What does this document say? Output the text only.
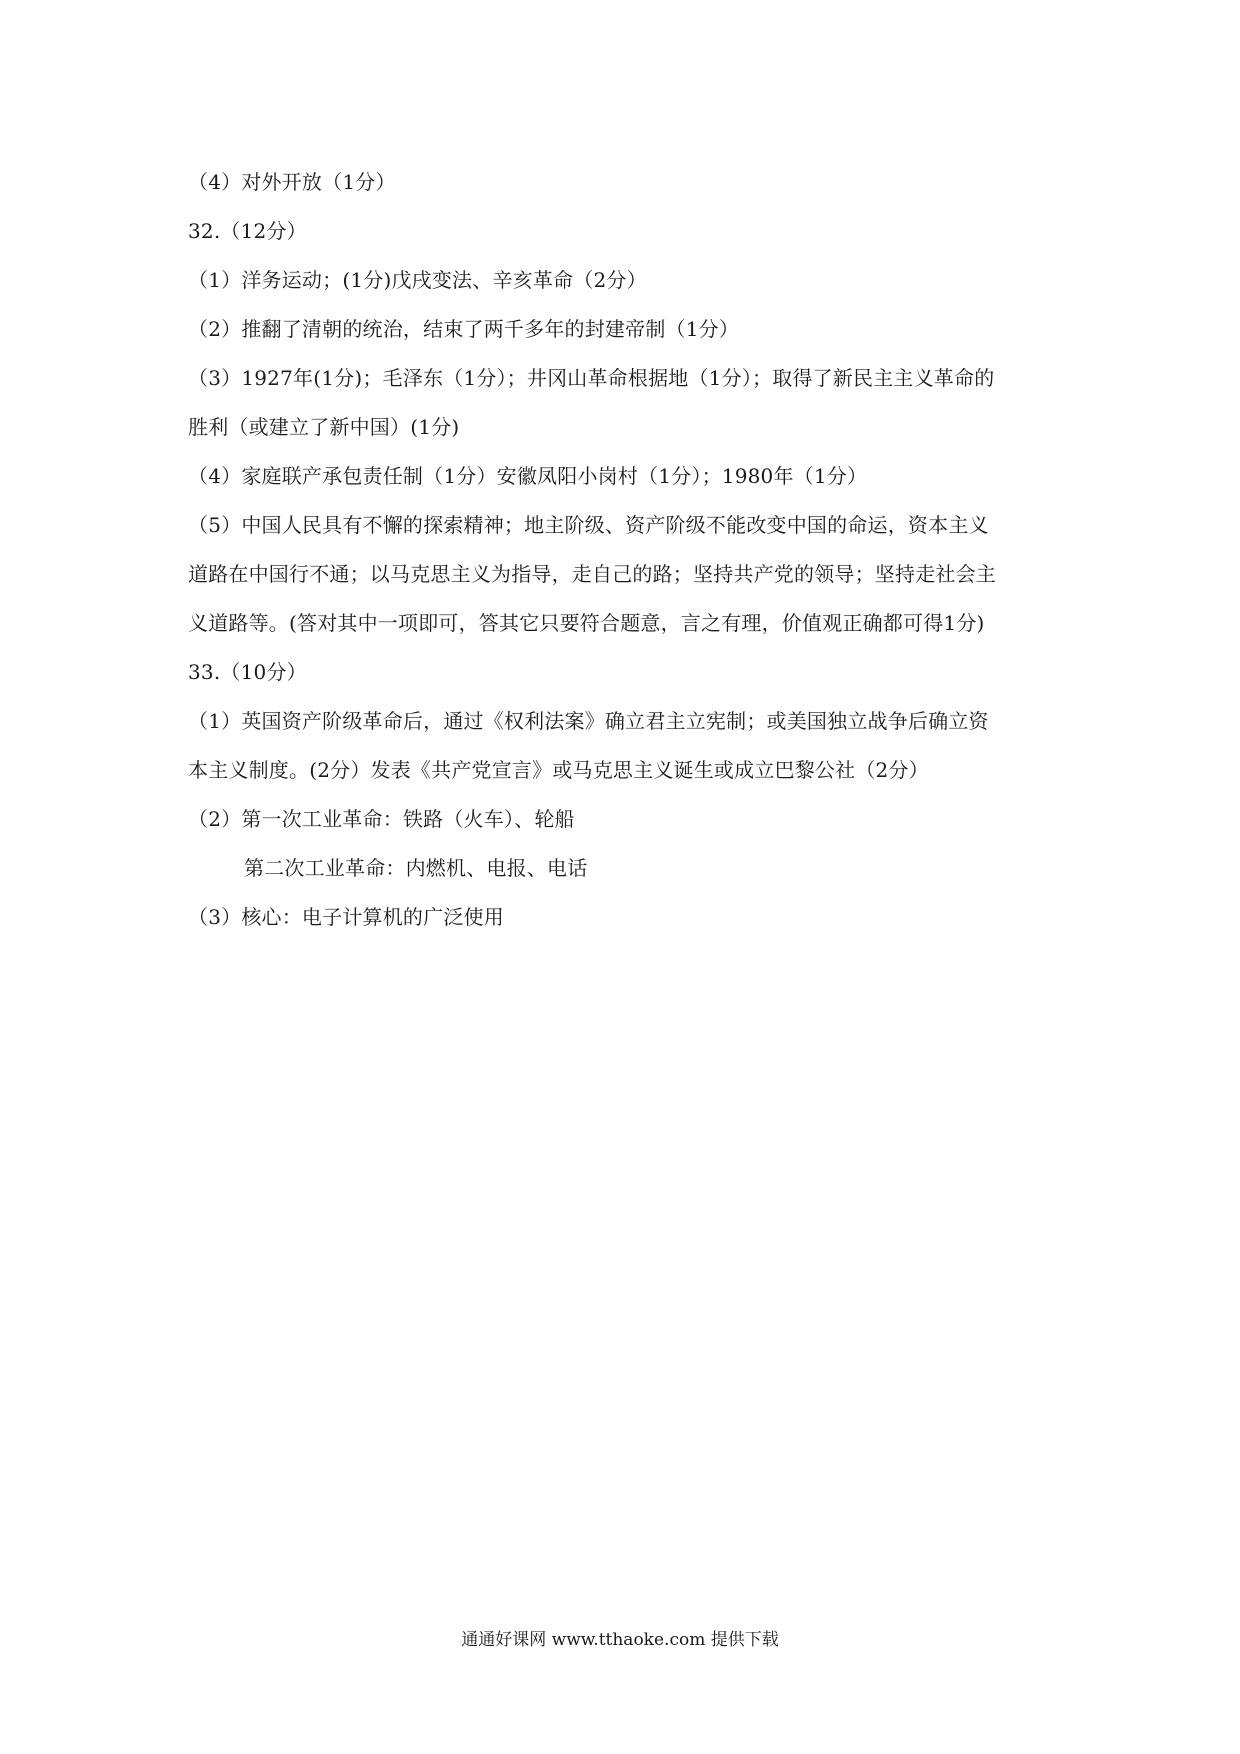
（4）对外开放（1分）
32.（12分）
（1）洋务运动；(1分)戊戌变法、辛亥革命（2分）
（2）推翻了清朝的统治，结束了两千多年的封建帝制（1分）
（3）1927年(1分)；毛泽东（1分）；井冈山革命根据地（1分）；取得了新民主主义革命的
胜利（或建立了新中国）(1分)
（4）家庭联产承包责任制（1分）安徽凤阳小岗村（1分）；1980年（1分）
（5）中国人民具有不懈的探索精神；地主阶级、资产阶级不能改变中国的命运，资本主义
道路在中国行不通；以马克思主义为指导，走自己的路；坚持共产党的领导；坚持走社会主
义道路等。(答对其中一项即可，答其它只要符合题意，言之有理，价值观正确都可得1分)
33.（10分）
（1）英国资产阶级革命后，通过《权利法案》确立君主立宪制；或美国独立战争后确立资
本主义制度。(2分）发表《共产党宣言》或马克思主义诞生或成立巴黎公社（2分）
（2）第一次工业革命：铁路（火车）、轮船
第二次工业革命：内燃机、电报、电话
（3）核心：电子计算机的广泛使用
通通好课网 www.tthaoke.com 提供下载
